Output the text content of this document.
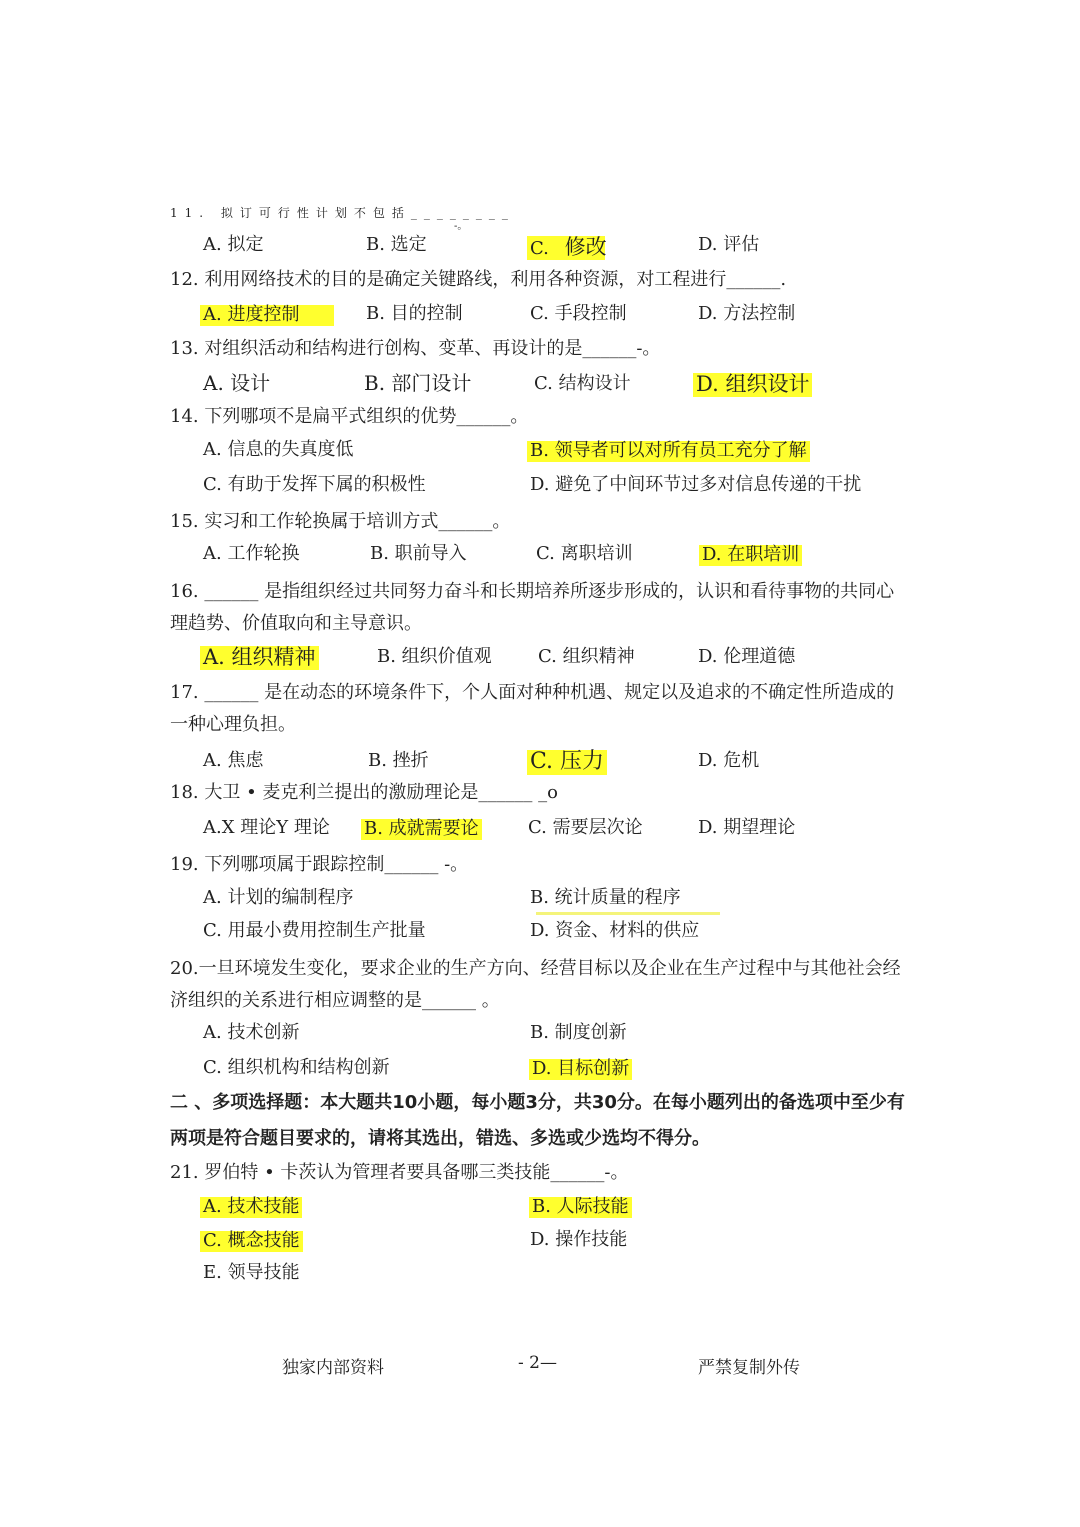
11. 拟订可行性计划不包括________
-。
A. 拟定	B. 选定	C. 修改	D. 评估
12. 利用网络技术的目的是确定关键路线，利用各种资源，对工程进行______.
A. 进度控制	B. 目的控制	C. 手段控制	D. 方法控制
13. 对组织活动和结构进行创构、变革、再设计的是______-。
A. 设计	B. 部门设计	C. 结构设计	D. 组织设计
14. 下列哪项不是扁平式组织的优势______。
A. 信息的失真度低	B. 领导者可以对所有员工充分了解
C. 有助于发挥下属的积极性	D. 避免了中间环节过多对信息传递的干扰
15. 实习和工作轮换属于培训方式______。
A. 工作轮换	B. 职前导入	C. 离职培训	D. 在职培训
16. ______ 是指组织经过共同努力奋斗和长期培养所逐步形成的，认识和看待事物的共同心理趋势、价值取向和主导意识。
A. 组织精神	B. 组织价值观	C. 组织精神	D. 伦理道德
17. ______ 是在动态的环境条件下，个人面对种种机遇、规定以及追求的不确定性所造成的一种心理负担。
A. 焦虑	B. 挫折	C. 压力	D. 危机
18. 大卫 • 麦克利兰提出的激励理论是______ _o
A.X 理论Y 理论 B. 成就需要论	C. 需要层次论	D. 期望理论
19. 下列哪项属于跟踪控制______ -。
A. 计划的编制程序	B. 统计质量的程序
C. 用最小费用控制生产批量	D. 资金、材料的供应
20.一旦环境发生变化，要求企业的生产方向、经营目标以及企业在生产过程中与其他社会经济组织的关系进行相应调整的是______ 。
A. 技术创新	B. 制度创新
C. 组织机构和结构创新	D. 目标创新
二 、多项选择题：本大题共10小题，每小题3分，共30分。在每小题列出的备选项中至少有两项是符合题目要求的，请将其选出，错选、多选或少选均不得分。
21. 罗伯特 • 卡茨认为管理者要具备哪三类技能______-。
A. 技术技能	B. 人际技能
C. 概念技能	D. 操作技能
E. 领导技能
独家内部资料	- 2—	严禁复制外传
